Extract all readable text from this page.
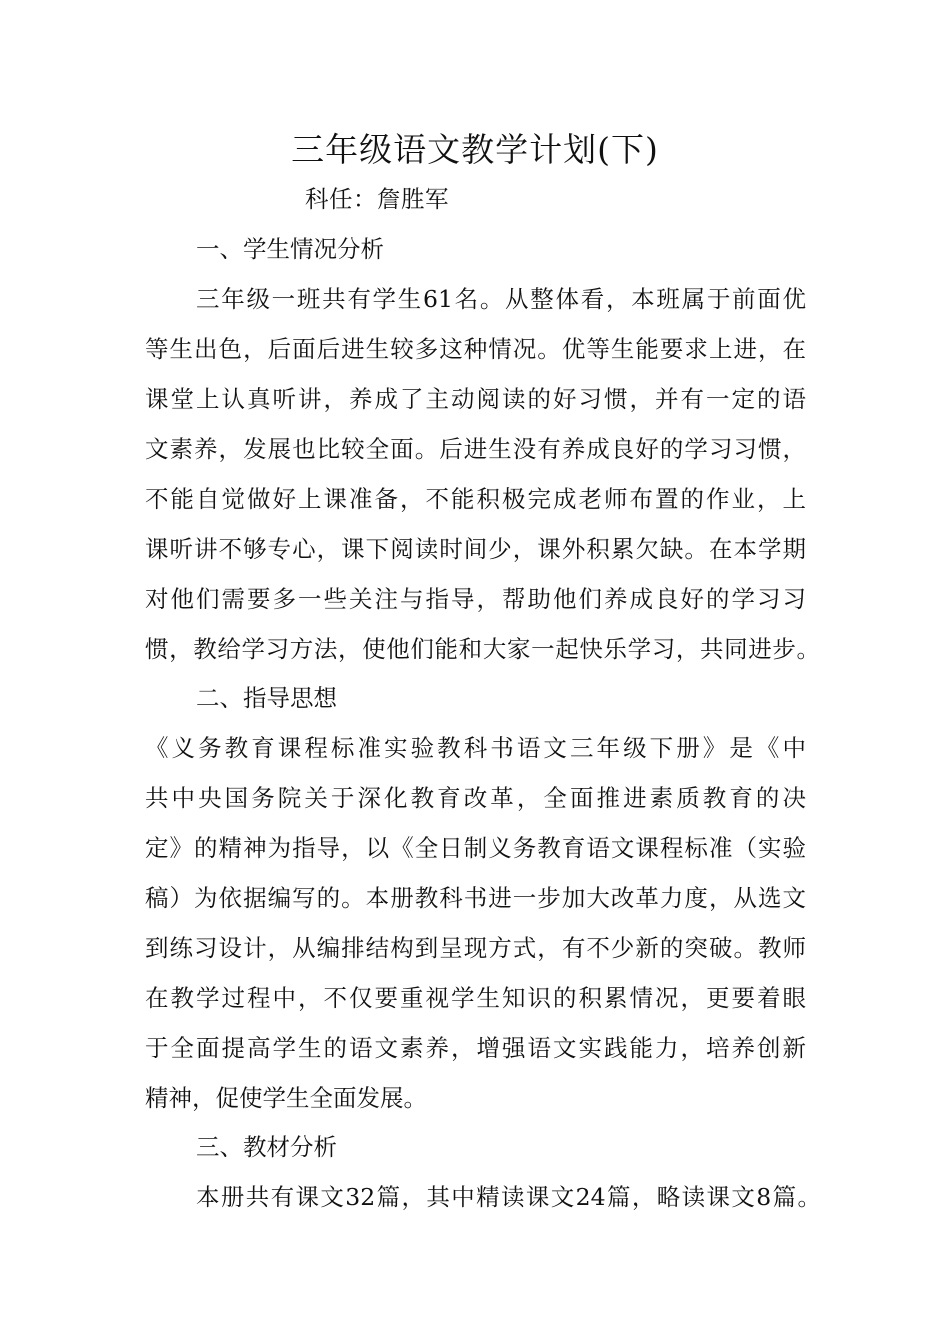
三年级语文教学计划(下)
科任：詹胜军
一、学生情况分析
三年级一班共有学生61名。从整体看，本班属于前面优
等生出色，后面后进生较多这种情况。优等生能要求上进，在
课堂上认真听讲，养成了主动阅读的好习惯，并有一定的语
文素养，发展也比较全面。后进生没有养成良好的学习习惯，
不能自觉做好上课准备，不能积极完成老师布置的作业，上
课听讲不够专心，课下阅读时间少，课外积累欠缺。在本学期
对他们需要多一些关注与指导，帮助他们养成良好的学习习
惯，教给学习方法，使他们能和大家一起快乐学习，共同进步。
二、指导思想
《义务教育课程标准实验教科书语文三年级下册》是《中
共中央国务院关于深化教育改革，全面推进素质教育的决
定》的精神为指导，以《全日制义务教育语文课程标准（实验
稿）为依据编写的。本册教科书进一步加大改革力度，从选文
到练习设计，从编排结构到呈现方式，有不少新的突破。教师
在教学过程中，不仅要重视学生知识的积累情况，更要着眼
于全面提高学生的语文素养，增强语文实践能力，培养创新
精神，促使学生全面发展。
三、教材分析
本册共有课文32篇，其中精读课文24篇，略读课文8篇。
